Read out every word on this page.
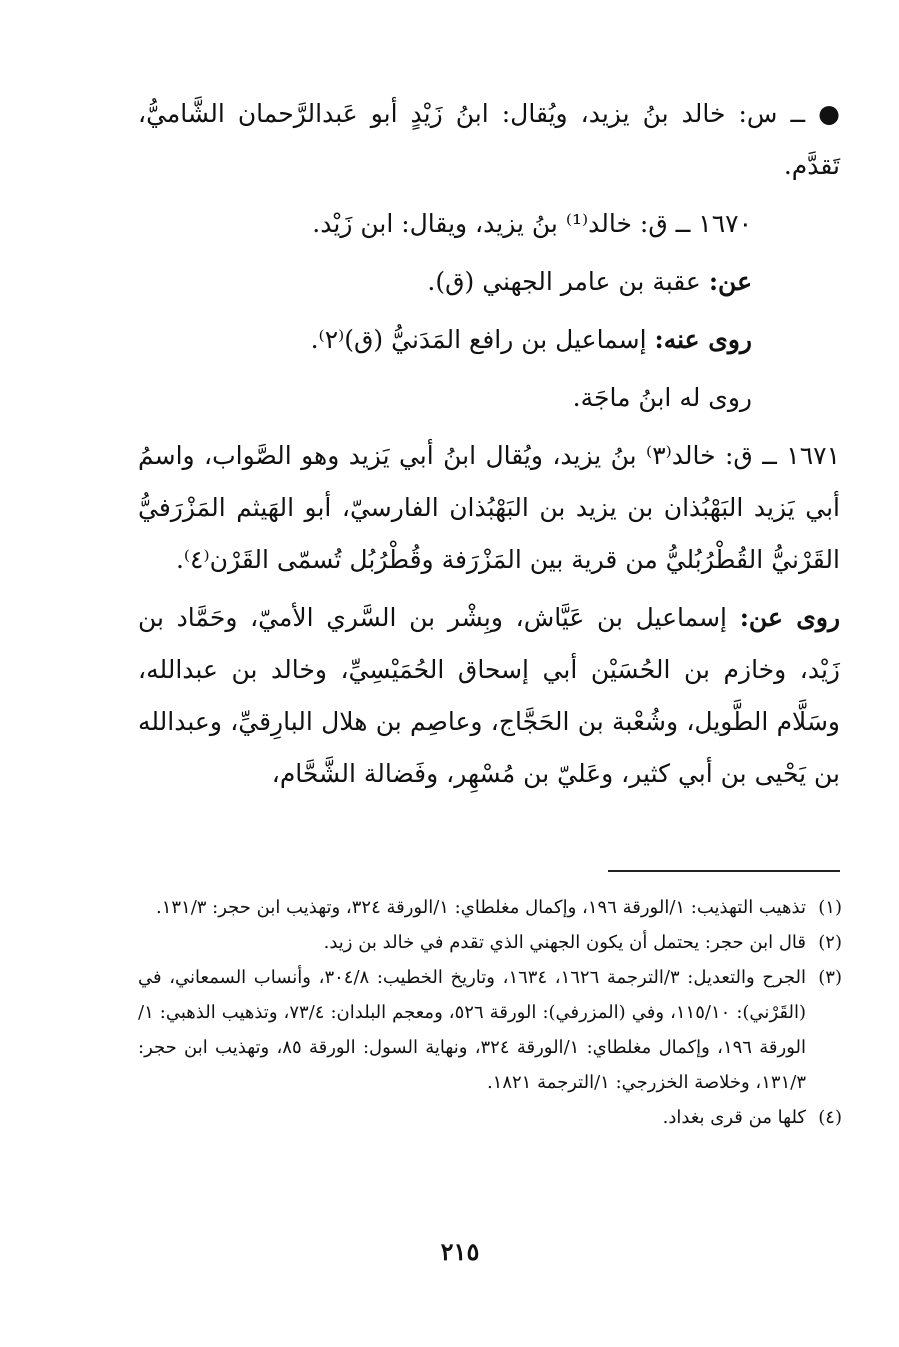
● ــ س: خالد بنُ يزيد، ويُقال: ابنُ زَيْدٍ أبو عَبدالرَّحمان الشَّاميُّ، تَقدَّم.

١٦٧٠ ــ ق: خالد⁽¹⁾ بنُ يزيد، ويقال: ابن زَيْد.

عن: عقبة بن عامر الجهني (ق).

روى عنه: إسماعيل بن رافع المَدَنيُّ (ق)⁽٢⁾.

روى له ابنُ ماجَة.

١٦٧١ ــ ق: خالد⁽٣⁾ بنُ يزيد، ويُقال ابنُ أبي يَزيد وهو الصَّواب، واسمُ أبي يَزيد البَهْبُذان بن يزيد بن البَهْبُذان الفارسيّ، أبو الهَيثم المَزْرَفيُّ القَرْنيُّ القُطْرُبُليُّ من قرية بين المَزْرَفة وقُطْرُبُل تُسمّى القَرْن⁽٤⁾.

روى عن: إسماعيل بن عَيَّاش، وبِشْر بن السَّري الأميّ، وحَمَّاد بن زَيْد، وخازم بن الحُسَيْن أبي إسحاق الحُمَيْسِيِّ، وخالد بن عبدالله، وسَلَّام الطَّويل، وشُعْبة بن الحَجَّاج، وعاصِم بن هلال البارِقيِّ، وعبدالله بن يَحْيى بن أبي كثير، وعَليّ بن مُسْهِر، وفَضالة الشَّحَّام،

(١)
تذهيب التهذيب: ١/الورقة ١٩٦، وإكمال مغلطاي: ١/الورقة ٣٢٤، وتهذيب ابن حجر: ١٣١/٣.
(٢)
قال ابن حجر: يحتمل أن يكون الجهني الذي تقدم في خالد بن زيد.
(٣)
الجرح والتعديل: ٣/الترجمة ١٦٢٦، ١٦٣٤، وتاريخ الخطيب: ٣٠٤/٨، وأنساب السمعاني، في (القَرْني): ١١٥/١٠، وفي (المزرفي): الورقة ٥٢٦، ومعجم البلدان: ٧٣/٤، وتذهيب الذهبي: ١/الورقة ١٩٦، وإكمال مغلطاي: ١/الورقة ٣٢٤، ونهاية السول: الورقة ٨٥، وتهذيب ابن حجر: ١٣١/٣، وخلاصة الخزرجي: ١/الترجمة ١٨٢١.
(٤)
كلها من قرى بغداد.
٢١٥
